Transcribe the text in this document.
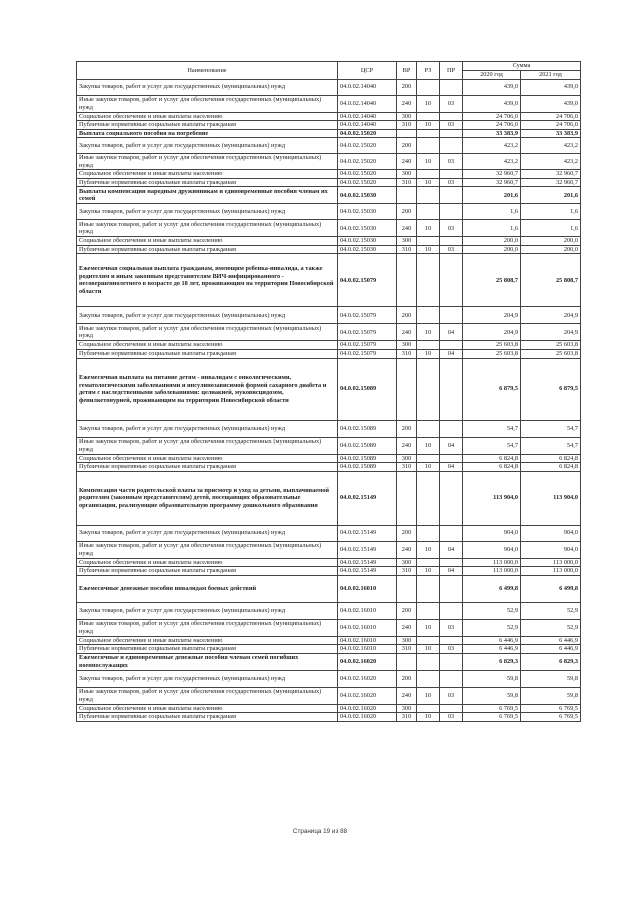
Наименование	ЦСР	ВР	РЗ	ПР	Сумма	
					2020 год	2021 год
Закупка товаров, работ и услуг для государственных (муниципальных) нужд	04.0.02.14040	200			439,0	439,0
Иные закупки товаров, работ и услуг для обеспечения государственных (муниципальных) нужд	04.0.02.14040	240	10	03	439,0	439,0
Социальное обеспечение и иные выплаты населению	04.0.02.14040	300			24 706,0	24 706,0
Публичные нормативные социальные выплаты гражданам	04.0.02.14040	310	10	03	24 706,0	24 706,0
Выплата социального пособия на погребение	04.0.02.15020				33 383,9	33 383,9
Закупка товаров, работ и услуг для государственных (муниципальных) нужд	04.0.02.15020	200			423,2	423,2
Иные закупки товаров, работ и услуг для обеспечения государственных (муниципальных) нужд	04.0.02.15020	240	10	03	423,2	423,2
Социальное обеспечение и иные выплаты населению	04.0.02.15020	300			32 960,7	32 960,7
Публичные нормативные социальные выплаты гражданам	04.0.02.15020	310	10	03	32 960,7	32 960,7
Выплаты компенсации народным дружинникам и единовременные пособия членам их семей	04.0.02.15030				201,6	201,6
Закупка товаров, работ и услуг для государственных (муниципальных) нужд	04.0.02.15030	200			1,6	1,6
Иные закупки товаров, работ и услуг для обеспечения государственных (муниципальных) нужд	04.0.02.15030	240	10	03	1,6	1,6
Социальное обеспечение и иные выплаты населению	04.0.02.15030	300			200,0	200,0
Публичные нормативные социальные выплаты гражданам	04.0.02.15030	310	10	03	200,0	200,0
Ежемесячная социальная выплата гражданам, имеющим ребенка-инвалида, а также родителям и иным законным представителям ВИЧ-инфицированного - несовершеннолетнего в возрасте до 18 лет, проживающим на территории Новосибирской области	04.0.02.15079				25 808,7	25 808,7
Закупка товаров, работ и услуг для государственных (муниципальных) нужд	04.0.02.15079	200			204,9	204,9
Иные закупки товаров, работ и услуг для обеспечения государственных (муниципальных) нужд	04.0.02.15079	240	10	04	204,9	204,9
Социальное обеспечение и иные выплаты населению	04.0.02.15079	300			25 603,8	25 603,8
Публичные нормативные социальные выплаты гражданам	04.0.02.15079	310	10	04	25 603,8	25 603,8
Ежемесячная выплата на питание детям - инвалидам с онкологическими, гематологическими заболеваниями и инсулинозависимой формой сахарного диабета и детям с наследственными заболеваниями: целиакией, муковисцидозом, фенилкетонурией, проживающим на территории Новосибирской области	04.0.02.15089				6 879,5	6 879,5
Закупка товаров, работ и услуг для государственных (муниципальных) нужд	04.0.02.15089	200			54,7	54,7
Иные закупки товаров, работ и услуг для обеспечения государственных (муниципальных) нужд	04.0.02.15089	240	10	04	54,7	54,7
Социальное обеспечение и иные выплаты населению	04.0.02.15089	300			6 824,8	6 824,8
Публичные нормативные социальные выплаты гражданам	04.0.02.15089	310	10	04	6 824,8	6 824,8
Компенсация части родительской платы за присмотр и уход за детьми, выплачиваемой родителям (законным представителям) детей, посещающих образовательные организации, реализующие образовательную программу дошкольного образования	04.0.02.15149				113 904,0	113 904,0
Закупка товаров, работ и услуг для государственных (муниципальных) нужд	04.0.02.15149	200			904,0	904,0
Иные закупки товаров, работ и услуг для обеспечения государственных (муниципальных) нужд	04.0.02.15149	240	10	04	904,0	904,0
Социальное обеспечение и иные выплаты населению	04.0.02.15149	300			113 000,0	113 000,0
Публичные нормативные социальные выплаты гражданам	04.0.02.15149	310	10	04	113 000,0	113 000,0
Ежемесячные денежные пособия инвалидам боевых действий	04.0.02.16010				6 499,8	6 499,8
Закупка товаров, работ и услуг для государственных (муниципальных) нужд	04.0.02.16010	200			52,9	52,9
Иные закупки товаров, работ и услуг для обеспечения государственных (муниципальных) нужд	04.0.02.16010	240	10	03	52,9	52,9
Социальное обеспечение и иные выплаты населению	04.0.02.16010	300			6 446,9	6 446,9
Публичные нормативные социальные выплаты гражданам	04.0.02.16010	310	10	03	6 446,9	6 446,9
Ежемесячные и единовременные денежные пособия членам семей погибших военнослужащих	04.0.02.16020				6 829,3	6 829,3
Закупка товаров, работ и услуг для государственных (муниципальных) нужд	04.0.02.16020	200			59,8	59,8
Иные закупки товаров, работ и услуг для обеспечения государственных (муниципальных) нужд	04.0.02.16020	240	10	03	59,8	59,8
Социальное обеспечение и иные выплаты населению	04.0.02.16020	300			6 769,5	6 769,5
Публичные нормативные социальные выплаты гражданам	04.0.02.16020	310	10	03	6 769,5	6 769,5
Страница 19 из 88
